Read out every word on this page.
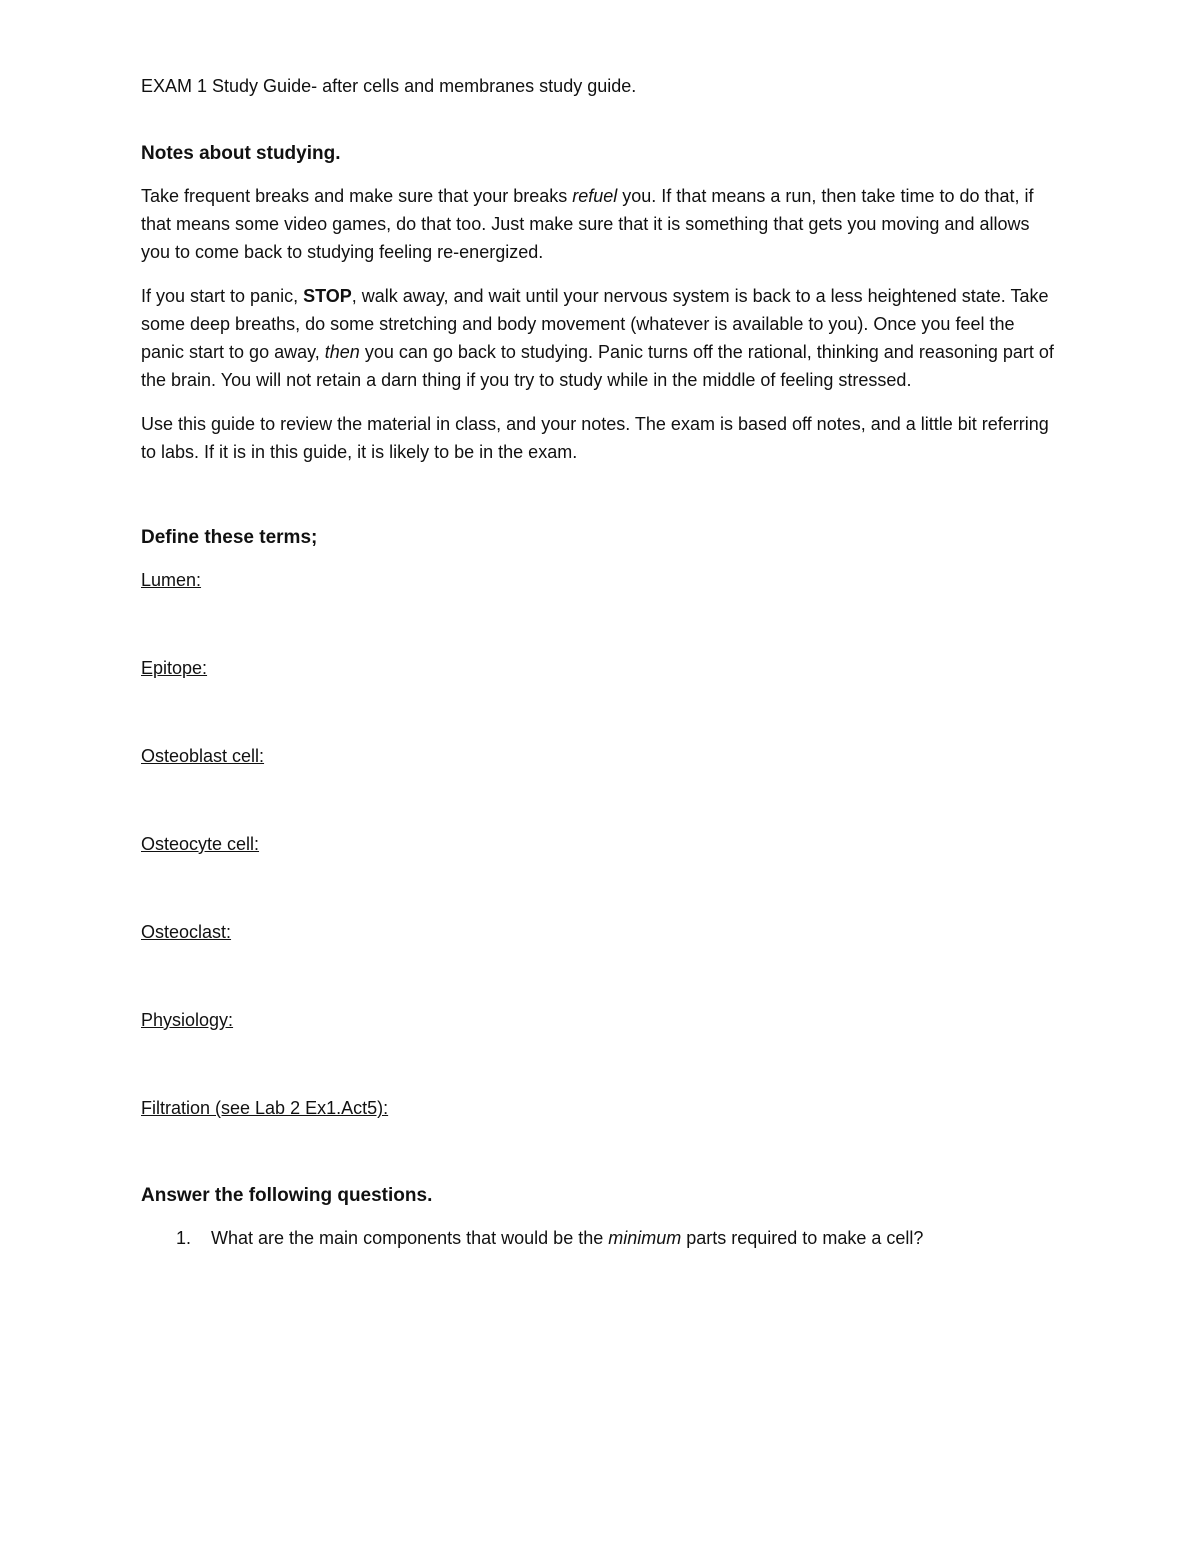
EXAM 1 Study Guide- after cells and membranes study guide.

Notes about studying.

Take frequent breaks and make sure that your breaks refuel you. If that means a run, then take time to do that, if that means some video games, do that too. Just make sure that it is something that gets you moving and allows you to come back to studying feeling re-energized.

If you start to panic, STOP, walk away, and wait until your nervous system is back to a less heightened state. Take some deep breaths, do some stretching and body movement (whatever is available to you). Once you feel the panic start to go away, then you can go back to studying. Panic turns off the rational, thinking and reasoning part of the brain. You will not retain a darn thing if you try to study while in the middle of feeling stressed.

Use this guide to review the material in class, and your notes. The exam is based off notes, and a little bit referring to labs. If it is in this guide, it is likely to be in the exam.

Define these terms;

Lumen:

Epitope:

Osteoblast cell:

Osteocyte cell:

Osteoclast:

Physiology:

Filtration (see Lab 2 Ex1.Act5):

Answer the following questions.

1. What are the main components that would be the minimum parts required to make a cell?
